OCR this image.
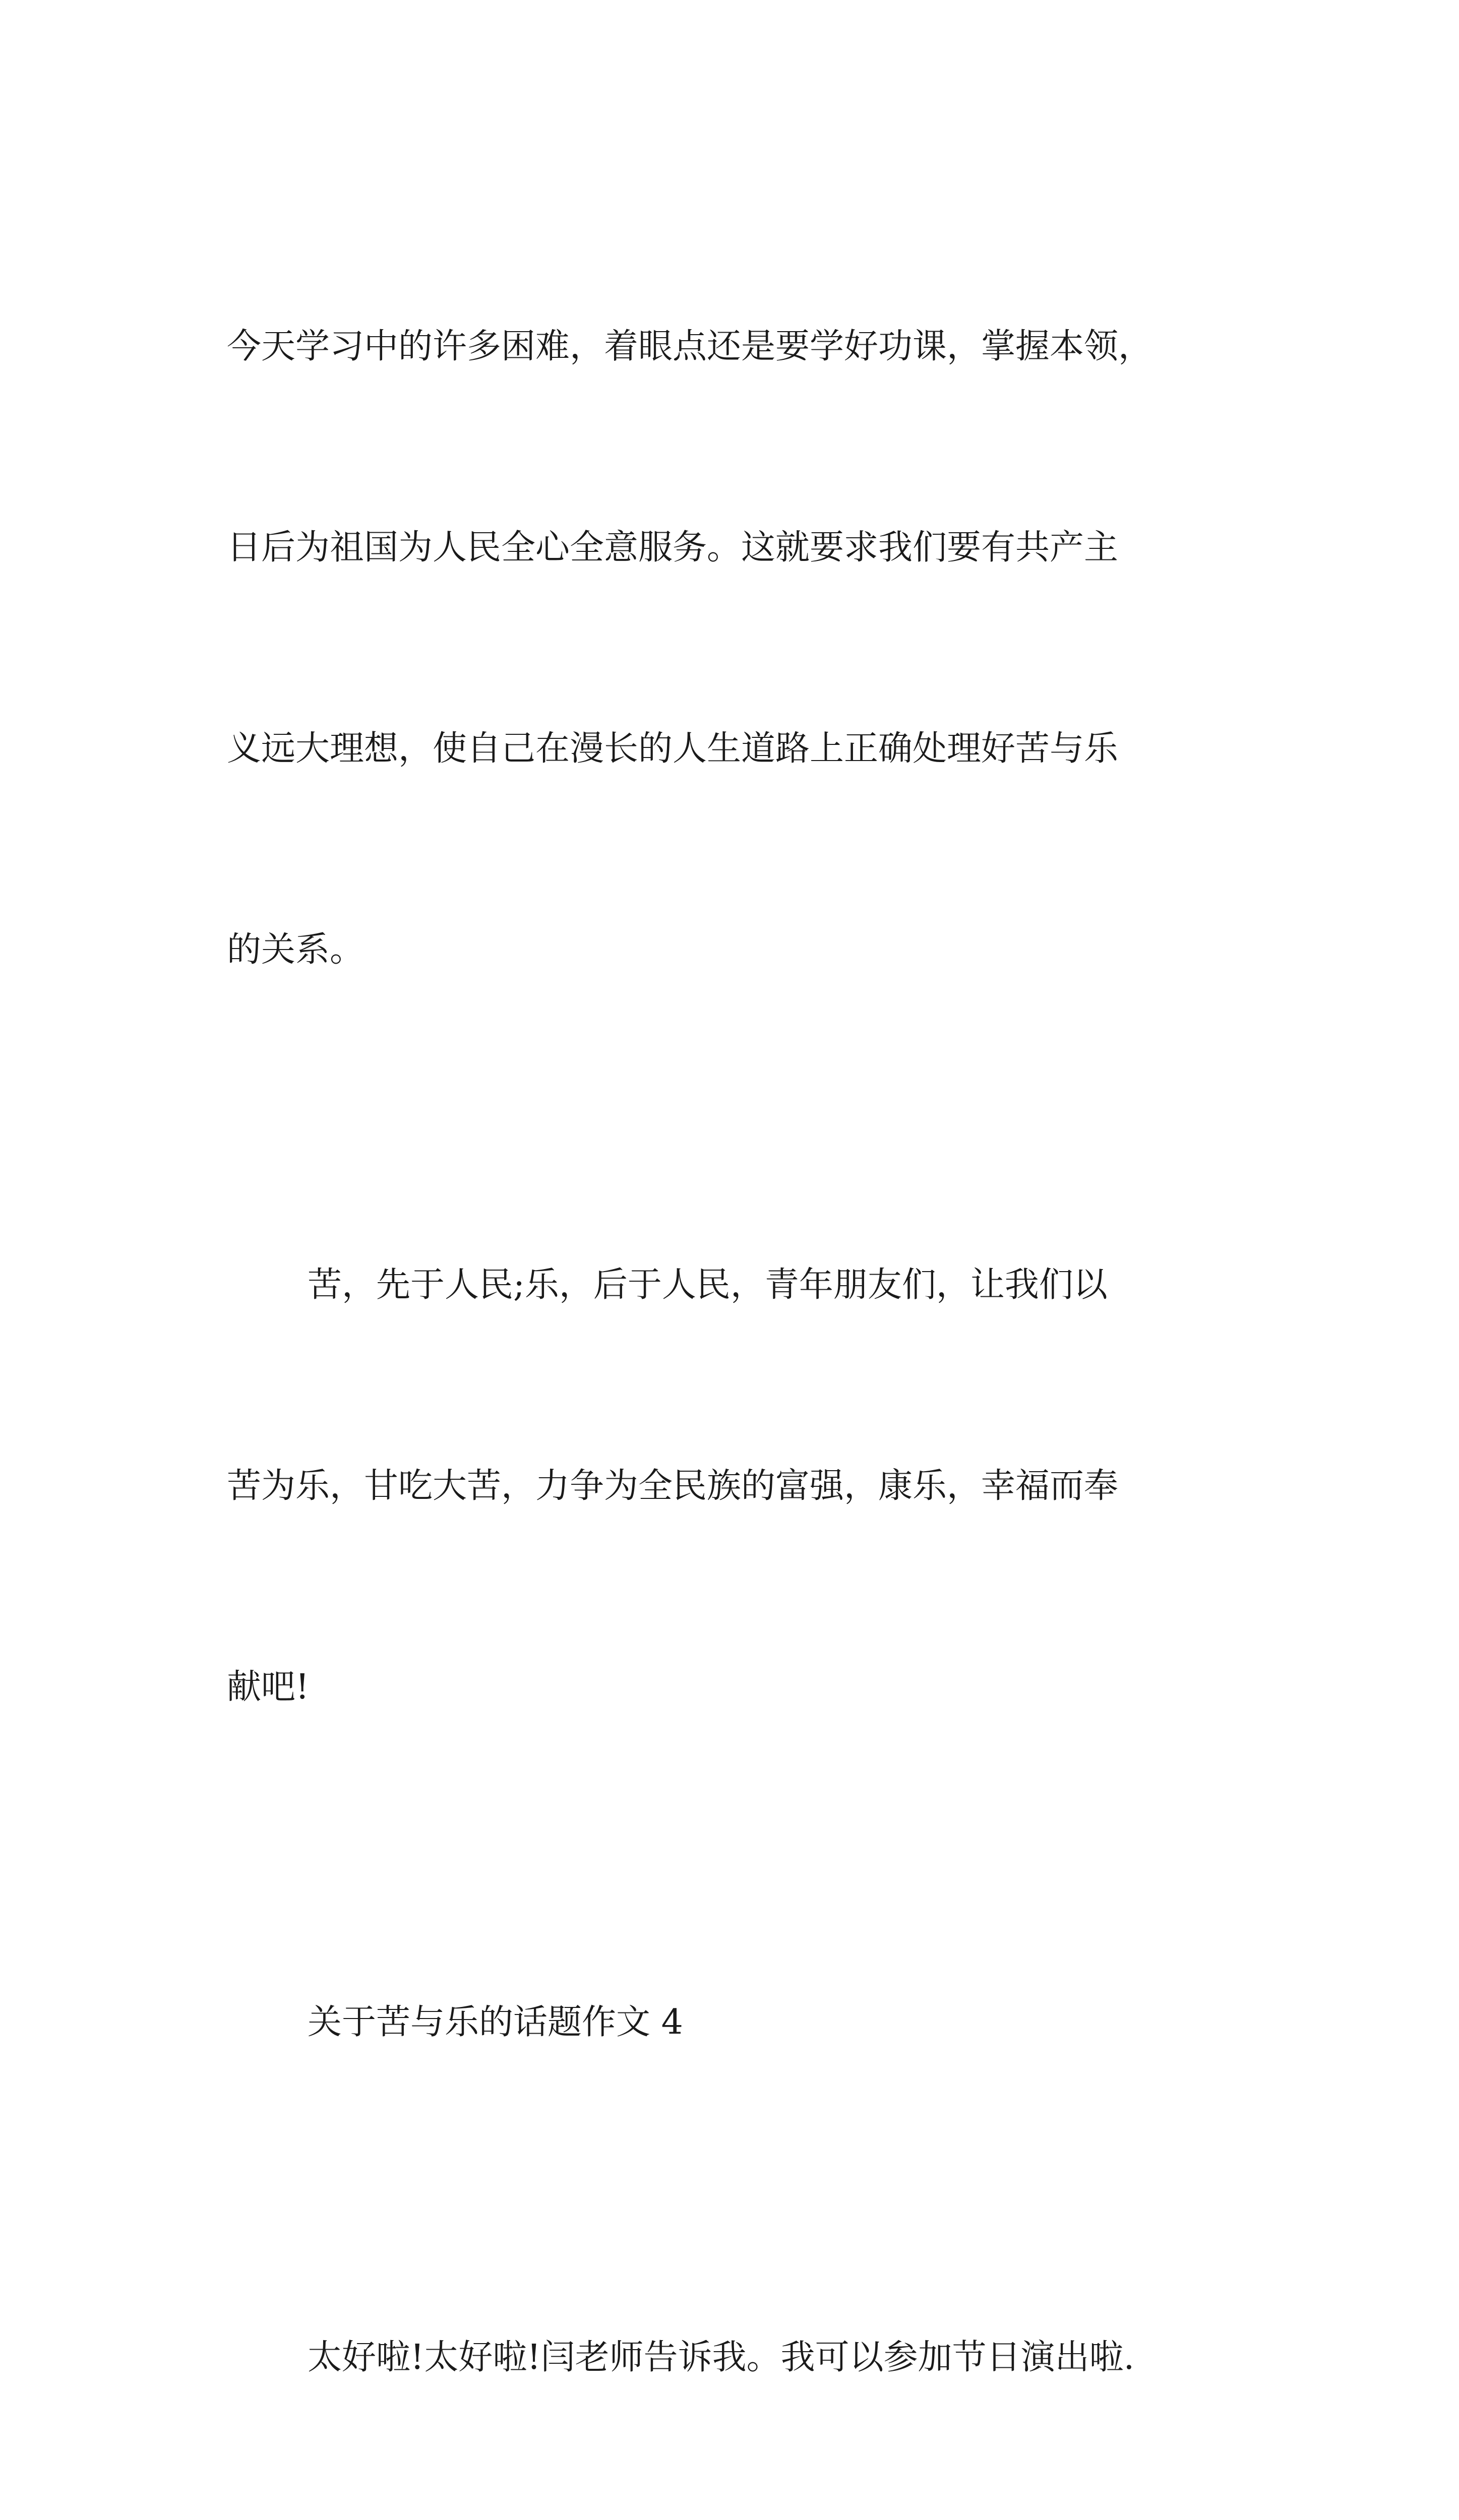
今天学习中的许多困难，着眼点还是要学好功课，掌握本领，

日后为祖国为人民全心全意服务。这就要求我们要有共产主

义远大理想，使自己在漫长的人生道路上正确处理好苦与乐

的关系。

苦，先于人民;乐，后于人民，青年朋友们，让我们以

苦为乐，甘吃大苦，力争为全民族的富强，康乐，幸福而奉

献吧!

关于苦与乐的话题作文 4

太好啦!太好啦!闫老师告诉我。我可以参加节日演出啦.
